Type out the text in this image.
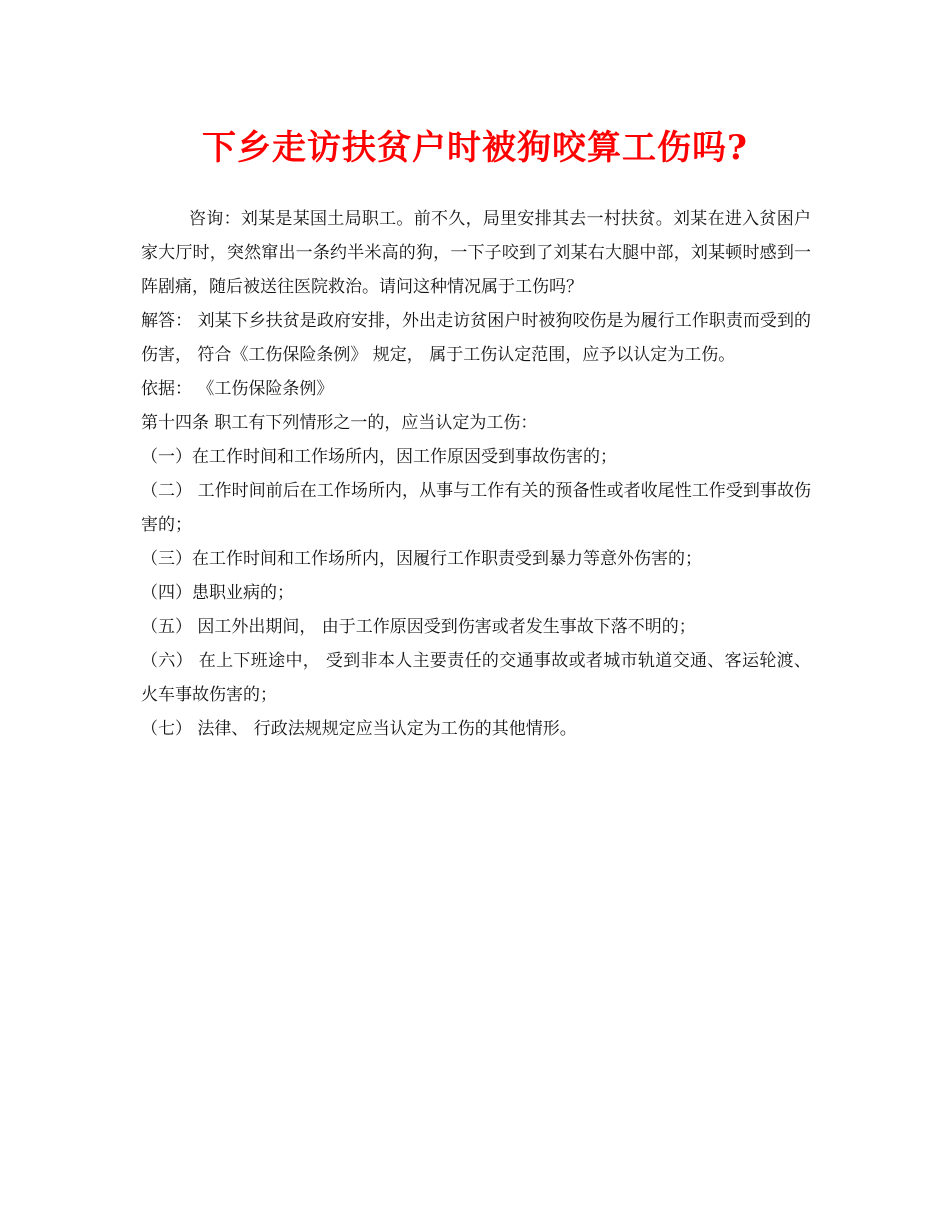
下乡走访扶贫户时被狗咬算工伤吗?

咨询：刘某是某国土局职工。前不久，局里安排其去一村扶贫。刘某在进入贫困户家大厅时，突然窜出一条约半米高的狗，一下子咬到了刘某右大腿中部，刘某顿时感到一阵剧痛，随后被送往医院救治。请问这种情况属于工伤吗？

解答： 刘某下乡扶贫是政府安排，外出走访贫困户时被狗咬伤是为履行工作职责而受到的伤害， 符合《工伤保险条例》 规定， 属于工伤认定范围，应予以认定为工伤。

依据： 《工伤保险条例》

第十四条 职工有下列情形之一的，应当认定为工伤：

（一）在工作时间和工作场所内，因工作原因受到事故伤害的；

（二） 工作时间前后在工作场所内，从事与工作有关的预备性或者收尾性工作受到事故伤害的；

（三）在工作时间和工作场所内，因履行工作职责受到暴力等意外伤害的；

（四）患职业病的；

（五） 因工外出期间， 由于工作原因受到伤害或者发生事故下落不明的；

（六） 在上下班途中， 受到非本人主要责任的交通事故或者城市轨道交通、客运轮渡、火车事故伤害的；

（七） 法律、 行政法规规定应当认定为工伤的其他情形。
